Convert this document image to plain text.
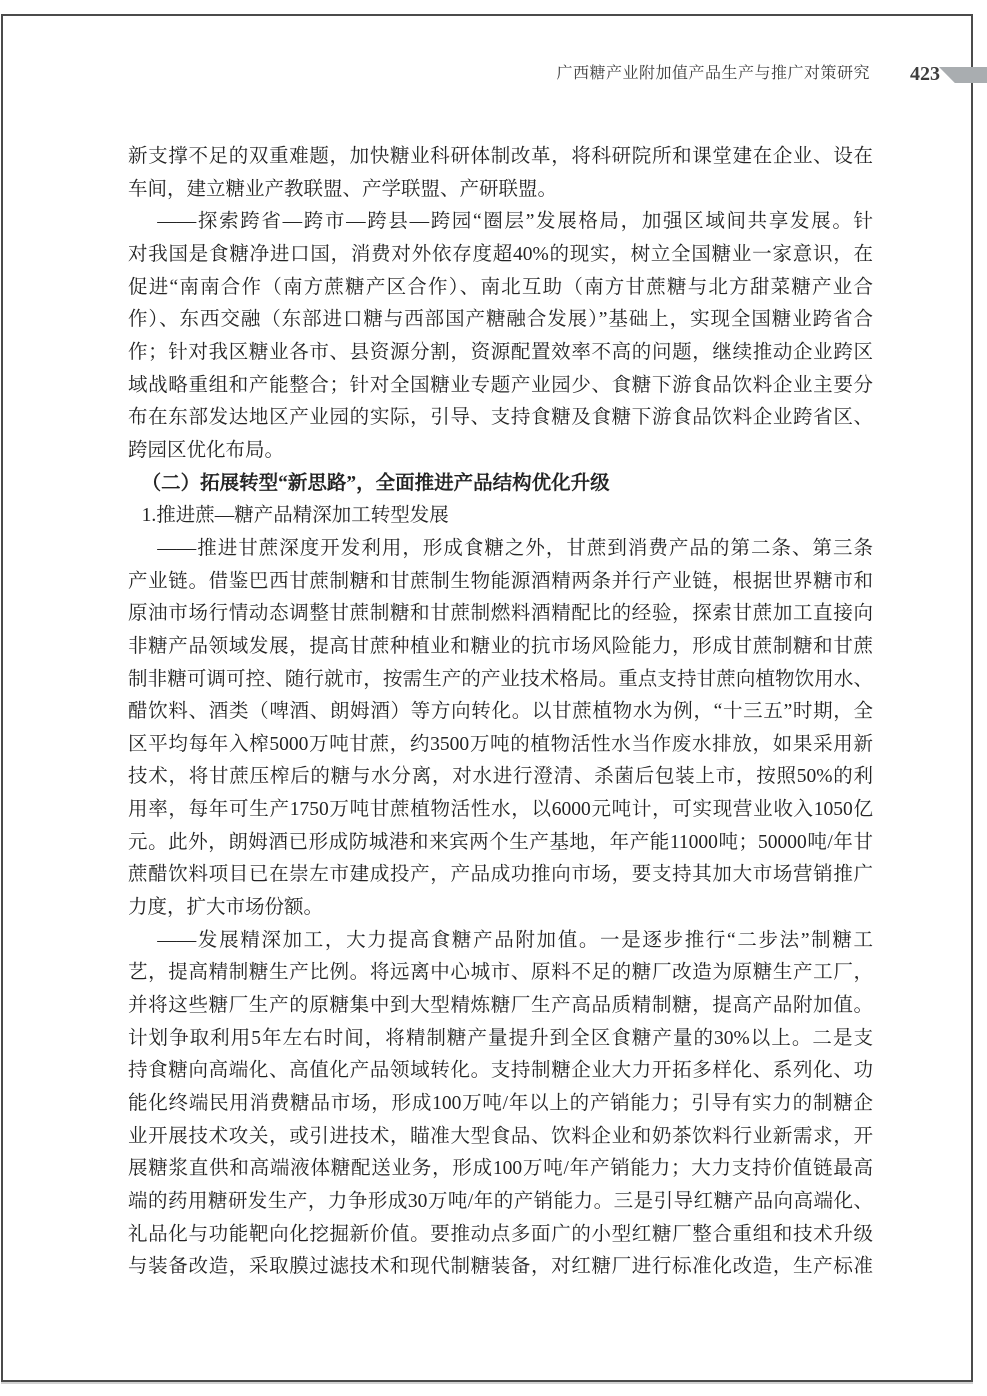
广西糖产业附加值产品生产与推广对策研究 423
新支撑不足的双重难题，加快糖业科研体制改革，将科研院所和课堂建在企业、设在
车间，建立糖业产教联盟、产学联盟、产研联盟。
——探索跨省—跨市—跨县—跨园“圈层”发展格局，加强区域间共享发展。针
对我国是食糖净进口国，消费对外依存度超40%的现实，树立全国糖业一家意识，在
促进“南南合作（南方蔗糖产区合作）、南北互助（南方甘蔗糖与北方甜菜糖产业合
作）、东西交融（东部进口糖与西部国产糖融合发展）”基础上，实现全国糖业跨省合
作；针对我区糖业各市、县资源分割，资源配置效率不高的问题，继续推动企业跨区
域战略重组和产能整合；针对全国糖业专题产业园少、食糖下游食品饮料企业主要分
布在东部发达地区产业园的实际，引导、支持食糖及食糖下游食品饮料企业跨省区、
跨园区优化布局。
（二）拓展转型“新思路”，全面推进产品结构优化升级
1.推进蔗—糖产品精深加工转型发展
——推进甘蔗深度开发利用，形成食糖之外，甘蔗到消费产品的第二条、第三条
产业链。借鉴巴西甘蔗制糖和甘蔗制生物能源酒精两条并行产业链，根据世界糖市和
原油市场行情动态调整甘蔗制糖和甘蔗制燃料酒精配比的经验，探索甘蔗加工直接向
非糖产品领域发展，提高甘蔗种植业和糖业的抗市场风险能力，形成甘蔗制糖和甘蔗
制非糖可调可控、随行就市，按需生产的产业技术格局。重点支持甘蔗向植物饮用水、
醋饮料、酒类（啤酒、朗姆酒）等方向转化。以甘蔗植物水为例，“十三五”时期，全
区平均每年入榨5000万吨甘蔗，约3500万吨的植物活性水当作废水排放，如果采用新
技术，将甘蔗压榨后的糖与水分离，对水进行澄清、杀菌后包装上市，按照50%的利
用率，每年可生产1750万吨甘蔗植物活性水，以6000元吨计，可实现营业收入1050亿
元。此外，朗姆酒已形成防城港和来宾两个生产基地，年产能11000吨；50000吨/年甘
蔗醋饮料项目已在崇左市建成投产，产品成功推向市场，要支持其加大市场营销推广
力度，扩大市场份额。
——发展精深加工，大力提高食糖产品附加值。一是逐步推行“二步法”制糖工
艺，提高精制糖生产比例。将远离中心城市、原料不足的糖厂改造为原糖生产工厂，
并将这些糖厂生产的原糖集中到大型精炼糖厂生产高品质精制糖，提高产品附加值。
计划争取利用5年左右时间，将精制糖产量提升到全区食糖产量的30%以上。二是支
持食糖向高端化、高值化产品领域转化。支持制糖企业大力开拓多样化、系列化、功
能化终端民用消费糖品市场，形成100万吨/年以上的产销能力；引导有实力的制糖企
业开展技术攻关，或引进技术，瞄准大型食品、饮料企业和奶茶饮料行业新需求，开
展糖浆直供和高端液体糖配送业务，形成100万吨/年产销能力；大力支持价值链最高
端的药用糖研发生产，力争形成30万吨/年的产销能力。三是引导红糖产品向高端化、
礼品化与功能靶向化挖掘新价值。要推动点多面广的小型红糖厂整合重组和技术升级
与装备改造，采取膜过滤技术和现代制糖装备，对红糖厂进行标准化改造，生产标准
